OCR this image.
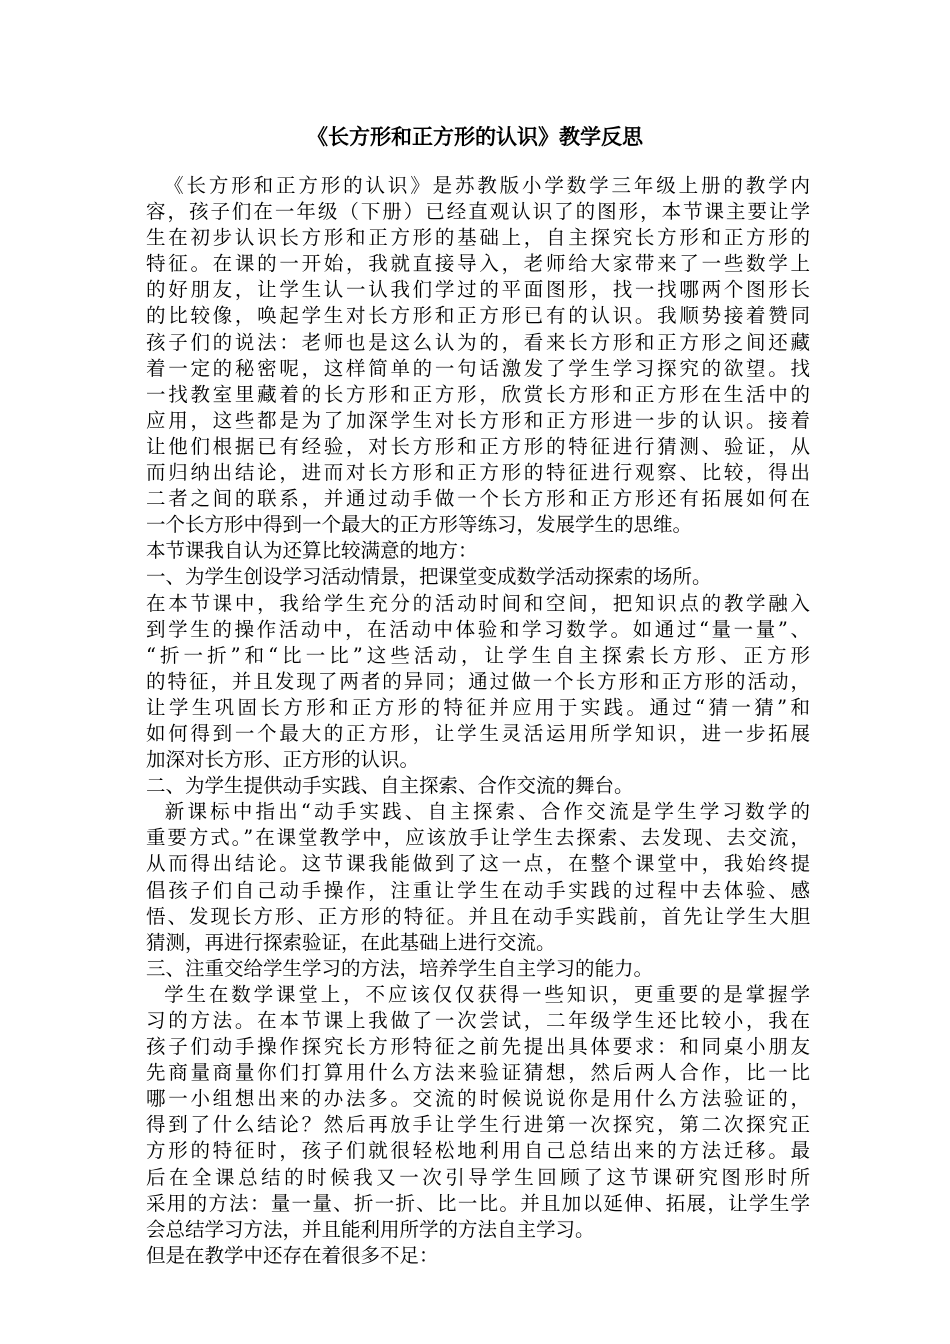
《长方形和正方形的认识》教学反思
《长方形和正方形的认识》是苏教版小学数学三年级上册的教学内
容，孩子们在一年级（下册）已经直观认识了的图形，本节课主要让学
生在初步认识长方形和正方形的基础上，自主探究长方形和正方形的
特征。在课的一开始，我就直接导入，老师给大家带来了一些数学上
的好朋友，让学生认一认我们学过的平面图形，找一找哪两个图形长
的比较像，唤起学生对长方形和正方形已有的认识。我顺势接着赞同
孩子们的说法：老师也是这么认为的，看来长方形和正方形之间还藏
着一定的秘密呢，这样简单的一句话激发了学生学习探究的欲望。找
一找教室里藏着的长方形和正方形，欣赏长方形和正方形在生活中的
应用，这些都是为了加深学生对长方形和正方形进一步的认识。接着
让他们根据已有经验，对长方形和正方形的特征进行猜测、验证，从
而归纳出结论，进而对长方形和正方形的特征进行观察、比较，得出
二者之间的联系，并通过动手做一个长方形和正方形还有拓展如何在
一个长方形中得到一个最大的正方形等练习，发展学生的思维。
本节课我自认为还算比较满意的地方：
一、为学生创设学习活动情景，把课堂变成数学活动探索的场所。
在本节课中，我给学生充分的活动时间和空间，把知识点的教学融入
到学生的操作活动中，在活动中体验和学习数学。如通过“量一量”、
“折一折”和“比一比”这些活动，让学生自主探索长方形、正方形
的特征，并且发现了两者的异同；通过做一个长方形和正方形的活动，
让学生巩固长方形和正方形的特征并应用于实践。通过“猜一猜”和
如何得到一个最大的正方形，让学生灵活运用所学知识，进一步拓展
加深对长方形、正方形的认识。
二、为学生提供动手实践、自主探索、合作交流的舞台。
新课标中指出“动手实践、自主探索、合作交流是学生学习数学的
重要方式。”在课堂教学中，应该放手让学生去探索、去发现、去交流，
从而得出结论。这节课我能做到了这一点，在整个课堂中，我始终提
倡孩子们自己动手操作，注重让学生在动手实践的过程中去体验、感
悟、发现长方形、正方形的特征。并且在动手实践前，首先让学生大胆
猜测，再进行探索验证，在此基础上进行交流。
三、注重交给学生学习的方法，培养学生自主学习的能力。
学生在数学课堂上，不应该仅仅获得一些知识，更重要的是掌握学
习的方法。在本节课上我做了一次尝试，二年级学生还比较小，我在
孩子们动手操作探究长方形特征之前先提出具体要求：和同桌小朋友
先商量商量你们打算用什么方法来验证猜想，然后两人合作，比一比
哪一小组想出来的办法多。交流的时候说说你是用什么方法验证的，
得到了什么结论？然后再放手让学生行进第一次探究，第二次探究正
方形的特征时，孩子们就很轻松地利用自己总结出来的方法迁移。最
后在全课总结的时候我又一次引导学生回顾了这节课研究图形时所
采用的方法：量一量、折一折、比一比。并且加以延伸、拓展，让学生学
会总结学习方法，并且能利用所学的方法自主学习。
但是在教学中还存在着很多不足：
